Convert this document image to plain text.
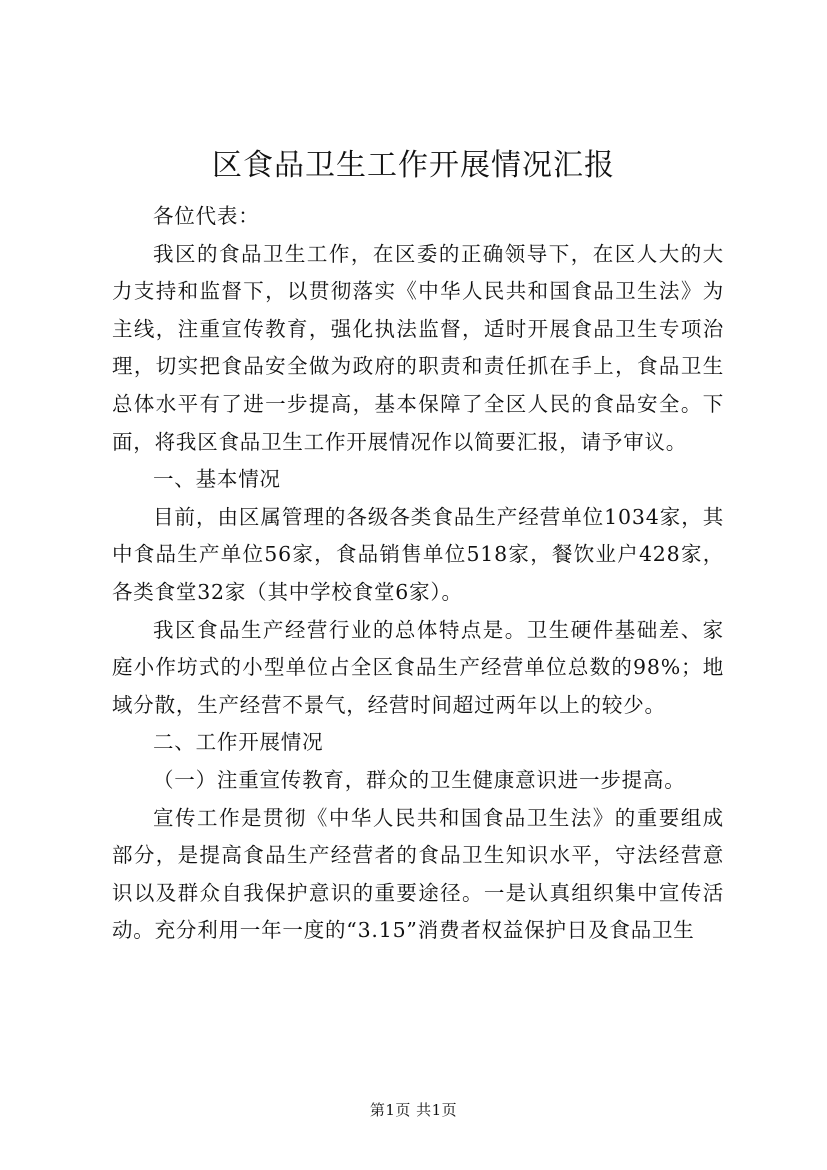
区食品卫生工作开展情况汇报

各位代表：

我区的食品卫生工作，在区委的正确领导下，在区人大的大力支持和监督下，以贯彻落实《中华人民共和国食品卫生法》为主线，注重宣传教育，强化执法监督，适时开展食品卫生专项治理，切实把食品安全做为政府的职责和责任抓在手上，食品卫生总体水平有了进一步提高，基本保障了全区人民的食品安全。下面，将我区食品卫生工作开展情况作以简要汇报，请予审议。

一、基本情况

目前，由区属管理的各级各类食品生产经营单位1034家，其中食品生产单位56家，食品销售单位518家，餐饮业户428家，各类食堂32家（其中学校食堂6家）。

我区食品生产经营行业的总体特点是。卫生硬件基础差、家庭小作坊式的小型单位占全区食品生产经营单位总数的98%；地域分散，生产经营不景气，经营时间超过两年以上的较少。

二、工作开展情况

（一）注重宣传教育，群众的卫生健康意识进一步提高。

宣传工作是贯彻《中华人民共和国食品卫生法》的重要组成部分，是提高食品生产经营者的食品卫生知识水平，守法经营意识以及群众自我保护意识的重要途径。一是认真组织集中宣传活动。充分利用一年一度的“3.15”消费者权益保护日及食品卫生

第1页 共1页
